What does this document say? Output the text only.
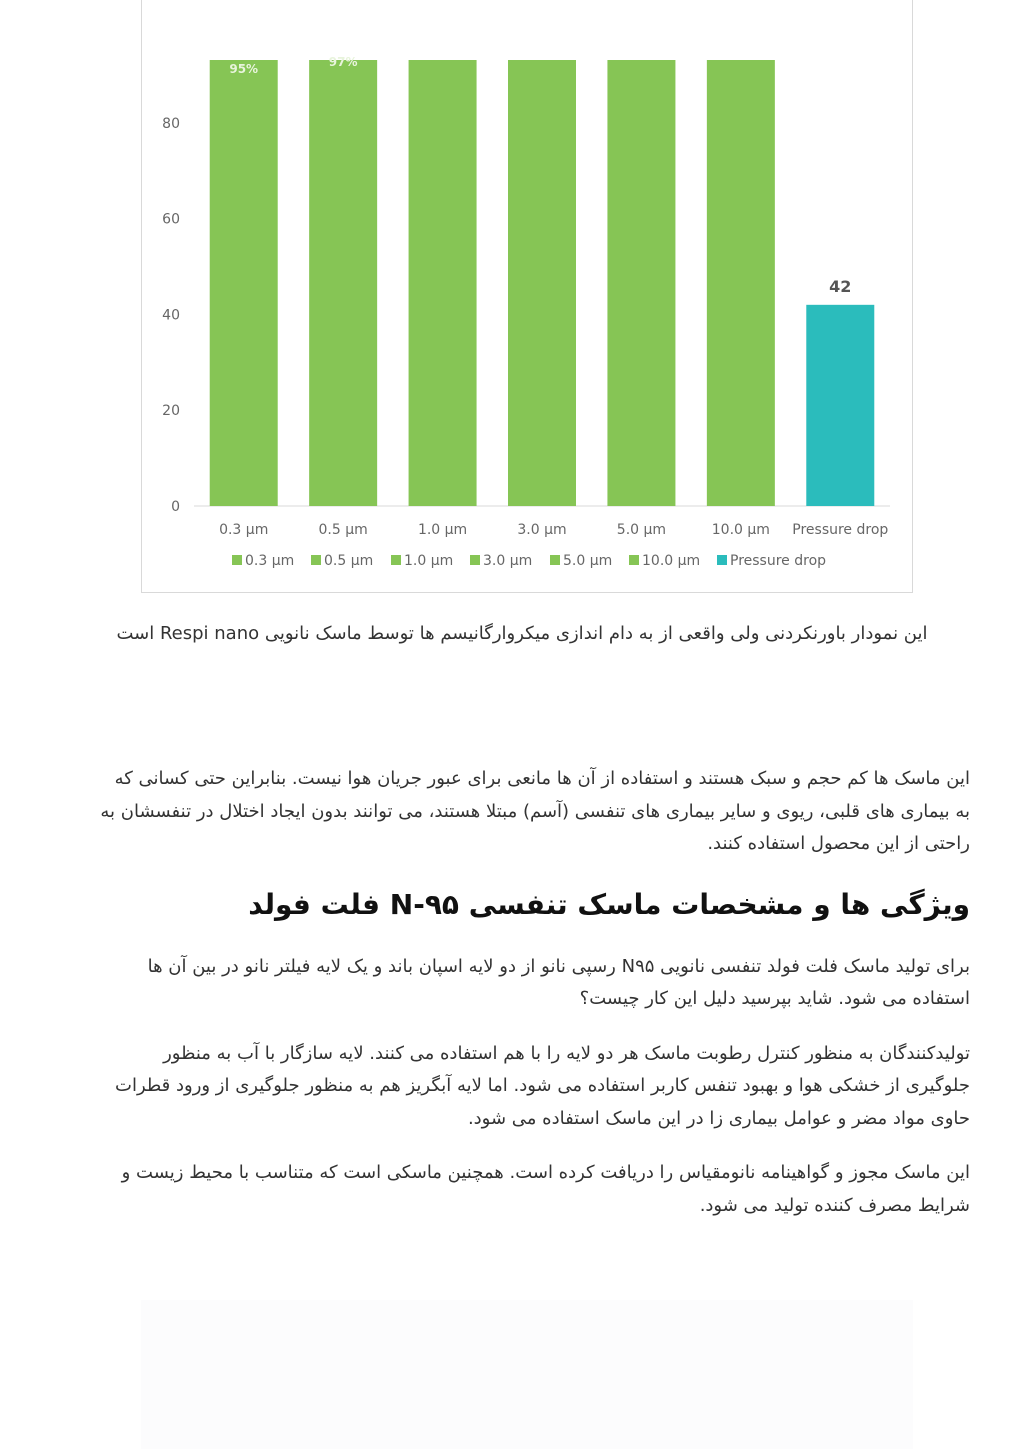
0
20
40
60
80
95%
0.3 µm
97%
0.5 µm	1.0 µm	3.0 µm	5.0 µm	10.0 µm
42
Pressure drop
0.3 µm 0.5 µm 1.0 µm 3.0 µm 5.0 µm 10.0 µm Pressure drop
این نمودار باورنکردنی ولی واقعی از به دام اندازی میکروارگانیسم ها توسط ماسک نانویی Respi nano است

این ماسک ها کم حجم و سبک هستند و استفاده از آن ها مانعی برای عبور جریان هوا نیست. بنابراین حتی کسانی که به بیماری های قلبی، ریوی و سایر بیماری های تنفسی (آسم) مبتلا هستند، می توانند بدون ایجاد اختلال در تنفسشان به راحتی از این محصول استفاده کنند.

ویژگی ها و مشخصات ماسک تنفسی N-۹۵ فلت فولد

برای تولید ماسک فلت فولد تنفسی نانویی N۹۵ رسپی نانو از دو لایه اسپان باند و یک لایه فیلتر نانو در بین آن ها استفاده می شود. شاید بپرسید دلیل این کار چیست؟

تولیدکنندگان به منظور کنترل رطوبت ماسک هر دو لایه را با هم استفاده می کنند. لایه سازگار با آب به منظور جلوگیری از خشکی هوا و بهبود تنفس کاربر استفاده می شود. اما لایه آبگریز هم به منظور جلوگیری از ورود قطرات حاوی مواد مضر و عوامل بیماری زا در این ماسک استفاده می شود.

این ماسک مجوز و گواهینامه نانومقیاس را دریافت کرده است. همچنین ماسکی است که متناسب با محیط زیست و شرایط مصرف کننده تولید می شود.
